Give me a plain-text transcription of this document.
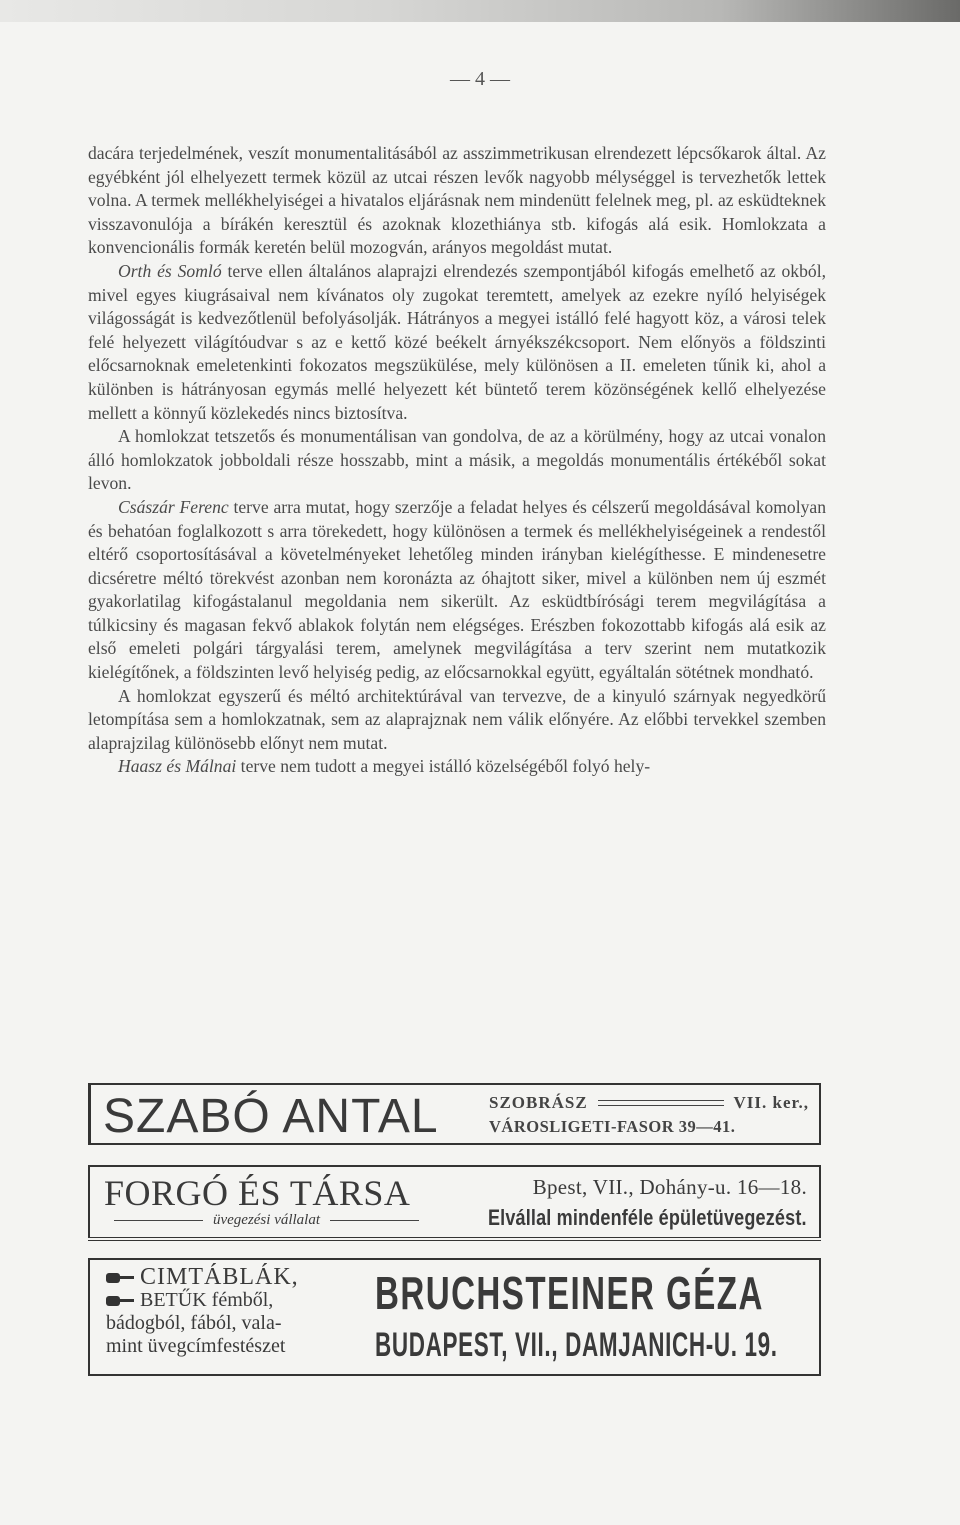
— 4 —

dacára terjedelmének, veszít monumentalitásából az asszimmetrikusan elrendezett lépcsőkarok által. Az egyébként jól elhelyezett termek közül az utcai részen levők nagyobb mélységgel is tervezhetők lettek volna. A termek mellékhelyiségei a hivatalos eljárásnak nem mindenütt felelnek meg, pl. az esküdteknek visszavonulója a bírákén keresztül és azoknak klozethiánya stb. kifogás alá esik. Homlokzata a konvencionális formák keretén belül mozogván, arányos megoldást mutat.

Orth és Somló terve ellen általános alaprajzi elrendezés szempontjából kifogás emelhető az okból, mivel egyes kiugrásaival nem kívánatos oly zugokat teremtett, amelyek az ezekre nyíló helyiségek világosságát is kedvezőtlenül befolyásolják. Hátrányos a megyei istálló felé hagyott köz, a városi telek felé helyezett világítóudvar s az e kettő közé beékelt árnyékszékcsoport. Nem előnyös a földszinti előcsarnoknak emeletenkinti fokozatos megszükülése, mely különösen a II. emeleten tűnik ki, ahol a különben is hátrányosan egymás mellé helyezett két büntető terem közönségének kellő elhelyezése mellett a könnyű közlekedés nincs biztosítva.

A homlokzat tetszetős és monumentálisan van gondolva, de az a körülmény, hogy az utcai vonalon álló homlokzatok jobboldali része hosszabb, mint a másik, a megoldás monumentális értékéből sokat levon.

Császár Ferenc terve arra mutat, hogy szerzője a feladat helyes és célszerű megoldásával komolyan és behatóan foglalkozott s arra törekedett, hogy különösen a termek és mellékhelyiségeinek a rendestől eltérő csoportosításával a követelményeket lehetőleg minden irányban kielégíthesse. E mindenesetre dicséretre méltó törekvést azonban nem koronázta az óhajtott siker, mivel a különben nem új eszmét gyakorlatilag kifogástalanul megoldania nem sikerült. Az esküdtbírósági terem megvilágítása a túlkicsiny és magasan fekvő ablakok folytán nem elégséges. Erészben fokozottabb kifogás alá esik az első emeleti polgári tárgyalási terem, amelynek megvilágítása a terv szerint nem mutatkozik kielégítőnek, a földszinten levő helyiség pedig, az előcsarnokkal együtt, egyáltalán sötétnek mondható.

A homlokzat egyszerű és méltó architektúrával van tervezve, de a kinyuló szárnyak negyedkörű letompítása sem a homlokzatnak, sem az alaprajznak nem válik előnyére. Az előbbi tervekkel szemben alaprajzilag különösebb előnyt nem mutat.

Haasz és Málnai terve nem tudott a megyei istálló közelségéből folyó hely-

SZABÓ ANTAL	SZOBRÁSZ	VII. ker.,
VÁROSLIGETI-FASOR 39—41.
FORGÓ ÉS TÁRSA
üvegezési vállalat
Bpest, VII., Dohány-u. 16—18.
Elvállal mindenféle épületüvegezést.
CIMTÁBLÁK,
BETŰK fémből,
bádogból, fából, vala-
mint üvegcímfestészet
BRUCHSTEINER GÉZA
BUDAPEST, VII., DAMJANICH-U. 19.
